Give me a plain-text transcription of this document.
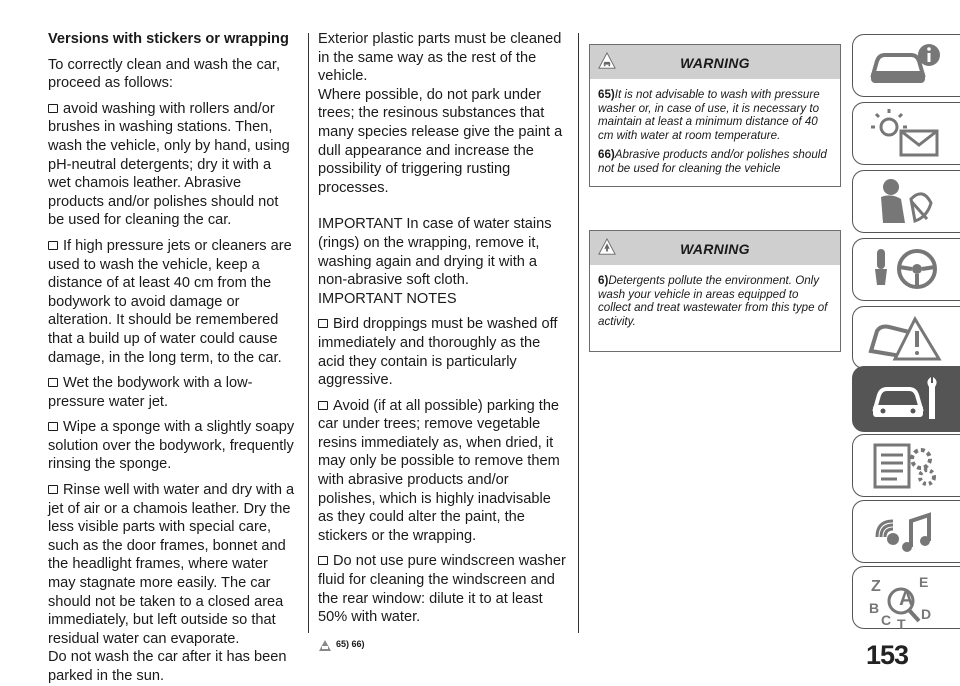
Versions with stickers or wrapping

To correctly clean and wash the car, proceed as follows:

avoid washing with rollers and/or brushes in washing stations. Then, wash the vehicle, only by hand, using pH-neutral detergents; dry it with a wet chamois leather. Abrasive products and/or polishes should not be used for cleaning the car.

If high pressure jets or cleaners are used to wash the vehicle, keep a distance of at least 40 cm from the bodywork to avoid damage or alteration. It should be remembered that a build up of water could cause damage, in the long term, to the car.

Wet the bodywork with a low-pressure water jet.

Wipe a sponge with a slightly soapy solution over the bodywork, frequently rinsing the sponge.

Rinse well with water and dry with a jet of air or a chamois leather. Dry the less visible parts with special care, such as the door frames, bonnet and the headlight frames, where water may stagnate more easily. The car should not be taken to a closed area immediately, but left outside so that residual water can evaporate.

Do not wash the car after it has been parked in the sun.

Exterior plastic parts must be cleaned in the same way as the rest of the vehicle.

Where possible, do not park under trees; the resinous substances that many species release give the paint a dull appearance and increase the possibility of triggering rusting processes.

IMPORTANT In case of water stains (rings) on the wrapping, remove it, washing again and drying it with a non-abrasive soft cloth.

IMPORTANT NOTES

Bird droppings must be washed off immediately and thoroughly as the acid they contain is particularly aggressive.

Avoid (if at all possible) parking the car under trees; remove vegetable resins immediately as, when dried, it may only be possible to remove them with abrasive products and/or polishes, which is highly inadvisable as they could alter the paint, the stickers or the wrapping.

Do not use pure windscreen washer fluid for cleaning the windscreen and the rear window: dilute it to at least 50% with water.

65) 66)

WARNING

65)It is not advisable to wash with pressure washer or, in case of use, it is necessary to maintain at least a minimum distance of 40 cm with water at room temperature.

66)Abrasive products and/or polishes should not be used for cleaning the vehicle

WARNING

6)Detergents pollute the environment. Only wash your vehicle in areas equipped to collect and treat wastewater from this type of activity.

Z	E
A
B
C D
T
153
